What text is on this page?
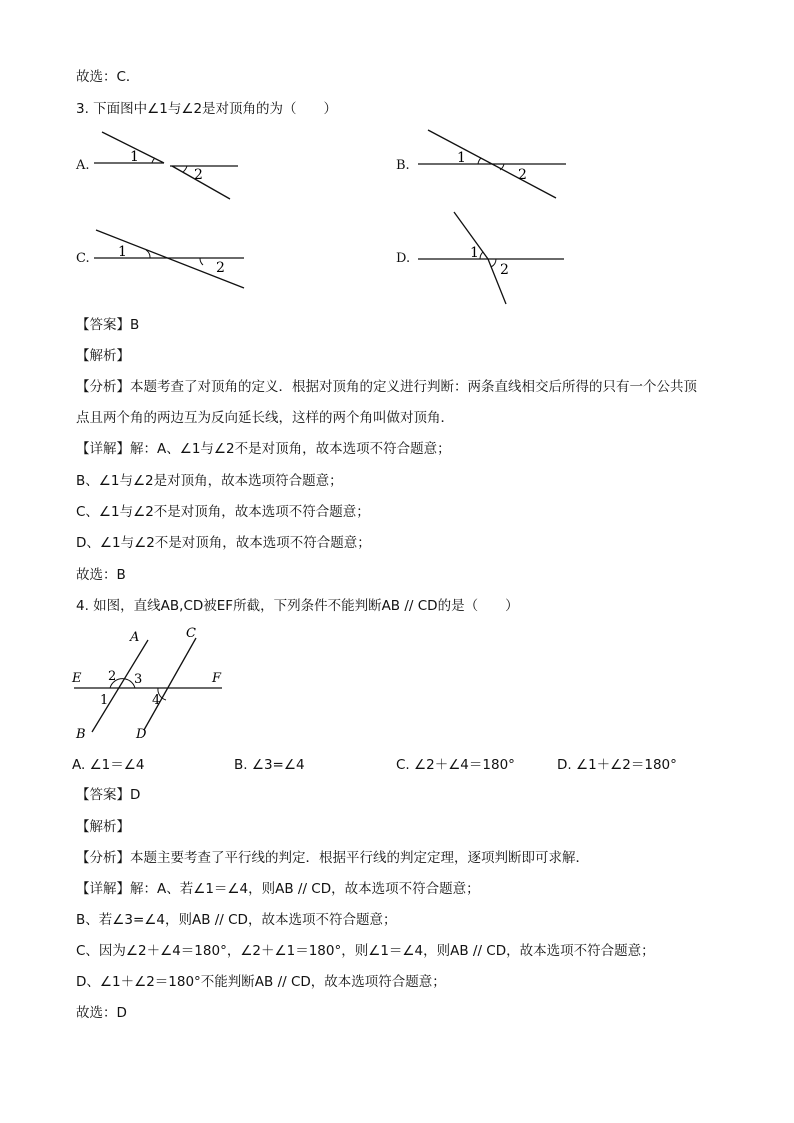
故选：C．
3. 下面图中∠1与∠2是对顶角的为（　　）
A.
1
2
B.	1
2
C. 1
2
D.	1
2
【答案】B
【解析】
【分析】本题考查了对顶角的定义．根据对顶角的定义进行判断：两条直线相交后所得的只有一个公共顶
点且两个角的两边互为反向延长线，这样的两个角叫做对顶角．
【详解】解：A、∠1与∠2不是对顶角，故本选项不符合题意；
B、∠1与∠2是对顶角，故本选项符合题意；
C、∠1与∠2不是对顶角，故本选项不符合题意；
D、∠1与∠2不是对顶角，故本选项不符合题意；
故选：B
4. 如图，直线AB,CD被EF所截，下列条件不能判断AB // CD的是（　　）
A
B
C
D
E	F
1
2 3
4
A. ∠1＝∠4	B. ∠3=∠4	C. ∠2＋∠4＝180°	D. ∠1＋∠2＝180°
【答案】D
【解析】
【分析】本题主要考查了平行线的判定．根据平行线的判定定理，逐项判断即可求解．
【详解】解：A、若∠1＝∠4，则AB // CD，故本选项不符合题意；
B、若∠3=∠4，则AB // CD，故本选项不符合题意；
C、因为∠2＋∠4＝180°，∠2＋∠1＝180°，则∠1＝∠4，则AB // CD，故本选项不符合题意；
D、∠1＋∠2＝180°不能判断AB // CD，故本选项符合题意；
故选：D
